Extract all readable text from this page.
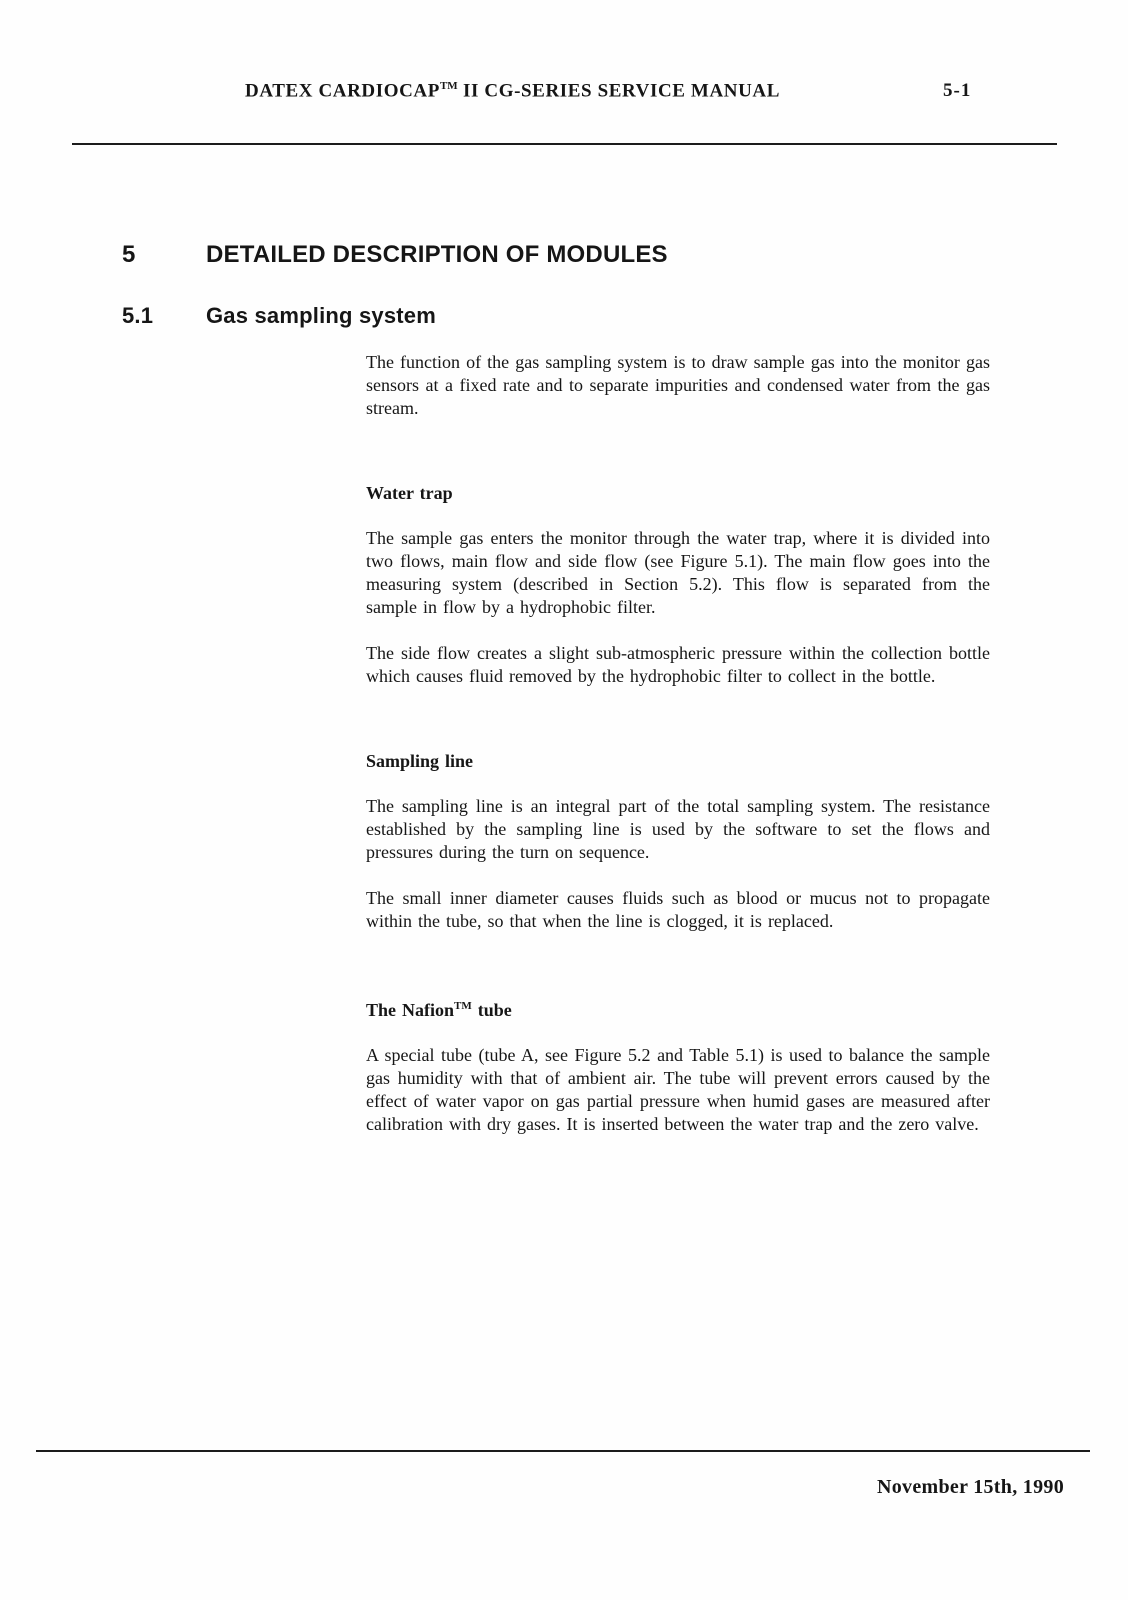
DATEX CARDIOCAP™ II CG-SERIES SERVICE MANUAL	5-1
5	DETAILED DESCRIPTION OF MODULES
5.1	Gas sampling system

The function of the gas sampling system is to draw sample gas into the monitor gas sensors at a fixed rate and to separate impurities and condensed water from the gas stream.

Water trap

The sample gas enters the monitor through the water trap, where it is divided into two flows, main flow and side flow (see Figure 5.1). The main flow goes into the measuring system (described in Section 5.2). This flow is separated from the sample in flow by a hydrophobic filter.

The side flow creates a slight sub-atmospheric pressure within the collection bottle which causes fluid removed by the hydrophobic filter to collect in the bottle.

Sampling line

The sampling line is an integral part of the total sampling system. The resistance established by the sampling line is used by the software to set the flows and pressures during the turn on sequence.

The small inner diameter causes fluids such as blood or mucus not to propagate within the tube, so that when the line is clogged, it is replaced.

The Nafion™ tube

A special tube (tube A, see Figure 5.2 and Table 5.1) is used to balance the sample gas humidity with that of ambient air. The tube will prevent errors caused by the effect of water vapor on gas partial pressure when humid gases are measured after calibration with dry gases. It is inserted between the water trap and the zero valve.

November 15th, 1990
